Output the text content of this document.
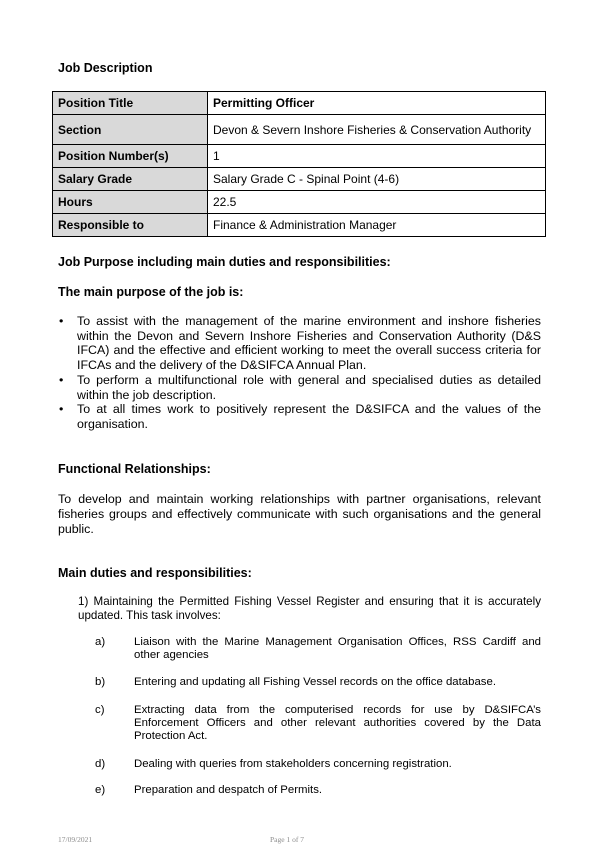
Job Description
Position Title	Permitting Officer
Section	Devon & Severn Inshore Fisheries & Conservation Authority
Position Number(s)	1
Salary Grade	Salary Grade C - Spinal Point (4-6)
Hours	22.5
Responsible to	Finance & Administration Manager
Job Purpose including main duties and responsibilities:
The main purpose of the job is:
• To assist with the management of the marine environment and inshore fisheries within the Devon and Severn Inshore Fisheries and Conservation Authority (D&S IFCA) and the effective and efficient working to meet the overall success criteria for IFCAs and the delivery of the D&SIFCA Annual Plan.
• To perform a multifunctional role with general and specialised duties as detailed within the job description.
• To at all times work to positively represent the D&SIFCA and the values of the organisation.
Functional Relationships:

To develop and maintain working relationships with partner organisations, relevant fisheries groups and effectively communicate with such organisations and the general public.

Main duties and responsibilities:

1) Maintaining the Permitted Fishing Vessel Register and ensuring that it is accurately updated. This task involves:

a)	Liaison with the Marine Management Organisation Offices, RSS Cardiff and other agencies
b)	Entering and updating all Fishing Vessel records on the office database.
c)	Extracting data from the computerised records for use by D&SIFCA’s Enforcement Officers and other relevant authorities covered by the Data Protection Act.
d)	Dealing with queries from stakeholders concerning registration.
e)	Preparation and despatch of Permits.
17/09/2021	Page 1 of 7
